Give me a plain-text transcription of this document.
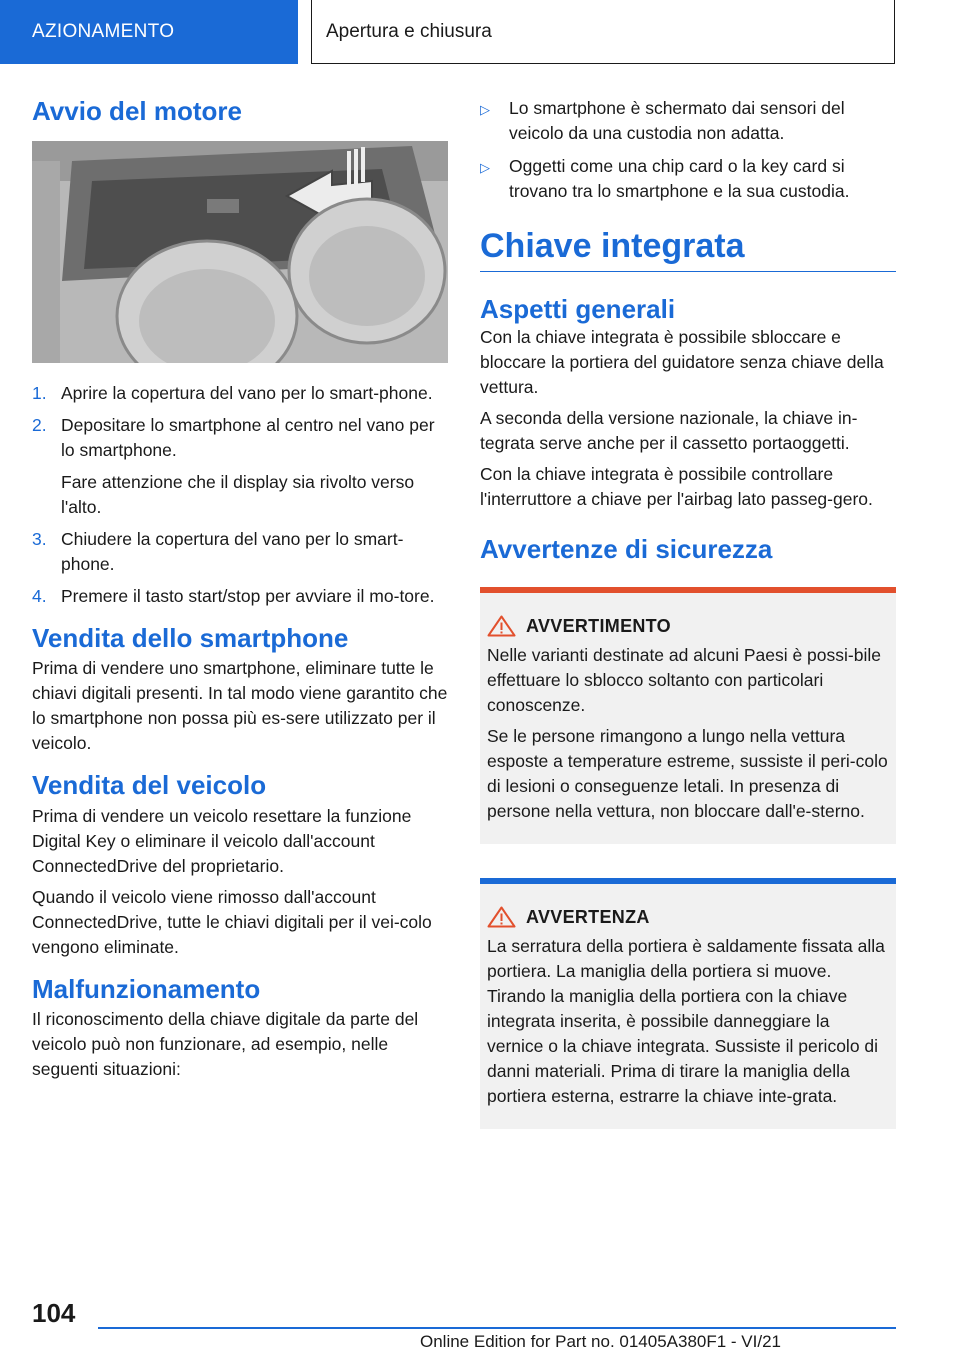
AZIONAMENTO	Apertura e chiusura
Avvio del motore
1. Aprire la copertura del vano per lo smart-phone.

2. Depositare lo smartphone al centro nel vano per lo smartphone.

Fare attenzione che il display sia rivolto verso l'alto.

3. Chiudere la copertura del vano per lo smart-phone.

4. Premere il tasto start/stop per avviare il mo-tore.

Vendita dello smartphone

Prima di vendere uno smartphone, eliminare tutte le chiavi digitali presenti. In tal modo viene garantito che lo smartphone non possa più es-sere utilizzato per il veicolo.

Vendita del veicolo

Prima di vendere un veicolo resettare la funzione Digital Key o eliminare il veicolo dall'account ConnectedDrive del proprietario.

Quando il veicolo viene rimosso dall'account ConnectedDrive, tutte le chiavi digitali per il vei-colo vengono eliminate.

Malfunzionamento

Il riconoscimento della chiave digitale da parte del veicolo può non funzionare, ad esempio, nelle seguenti situazioni:

▷	Lo smartphone è schermato dai sensori del veicolo da una custodia non adatta.

▷	Oggetti come una chip card o la key card si trovano tra lo smartphone e la sua custodia.

Chiave integrata
Aspetti generali

Con la chiave integrata è possibile sbloccare e bloccare la portiera del guidatore senza chiave della vettura.

A seconda della versione nazionale, la chiave in-tegrata serve anche per il cassetto portaoggetti.

Con la chiave integrata è possibile controllare l'interruttore a chiave per l'airbag lato passeg-gero.

Avvertenze di sicurezza
AVVERTIMENTO

Nelle varianti destinate ad alcuni Paesi è possi-bile effettuare lo sblocco soltanto con particolari conoscenze.

Se le persone rimangono a lungo nella vettura esposte a temperature estreme, sussiste il peri-colo di lesioni o conseguenze letali. In presenza di persone nella vettura, non bloccare dall'e-sterno.

AVVERTENZA

La serratura della portiera è saldamente fissata alla portiera. La maniglia della portiera si muove. Tirando la maniglia della portiera con la chiave integrata inserita, è possibile danneggiare la vernice o la chiave integrata. Sussiste il pericolo di danni materiali. Prima di tirare la maniglia della portiera esterna, estrarre la chiave inte-grata.

104
Online Edition for Part no. 01405A380F1 - VI/21
